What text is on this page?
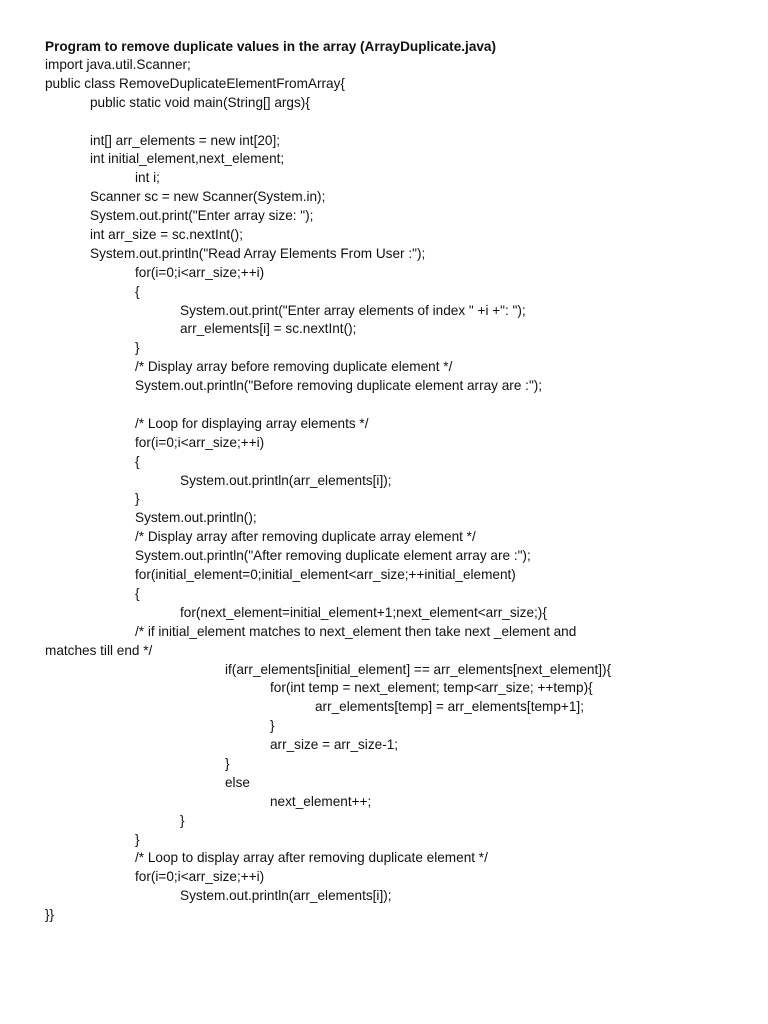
Program to remove duplicate values in the array (ArrayDuplicate.java)
import java.util.Scanner;
public class RemoveDuplicateElementFromArray{
public static void main(String[] args){
int[] arr_elements = new int[20];
int initial_element,next_element;
int i;
Scanner sc = new Scanner(System.in);
System.out.print("Enter array size: ");
int arr_size = sc.nextInt();
System.out.println("Read Array Elements From User :");
for(i=0;i<arr_size;++i)
{
System.out.print("Enter array elements of index " +i +": ");
arr_elements[i] = sc.nextInt();
}
/* Display array before removing duplicate element */
System.out.println("Before removing duplicate element array are :");
/* Loop for displaying array elements */
for(i=0;i<arr_size;++i)
{
System.out.println(arr_elements[i]);
}
System.out.println();
/* Display array after removing duplicate array element */
System.out.println("After removing duplicate element array are :");
for(initial_element=0;initial_element<arr_size;++initial_element)
{
for(next_element=initial_element+1;next_element<arr_size;){
/* if initial_element matches to next_element then take next _element and
matches till end */
if(arr_elements[initial_element] == arr_elements[next_element]){
for(int temp = next_element; temp<arr_size; ++temp){
arr_elements[temp] = arr_elements[temp+1];
}
arr_size = arr_size-1;
}
else
next_element++;
}
}
/* Loop to display array after removing duplicate element */
for(i=0;i<arr_size;++i)
System.out.println(arr_elements[i]);
}}
